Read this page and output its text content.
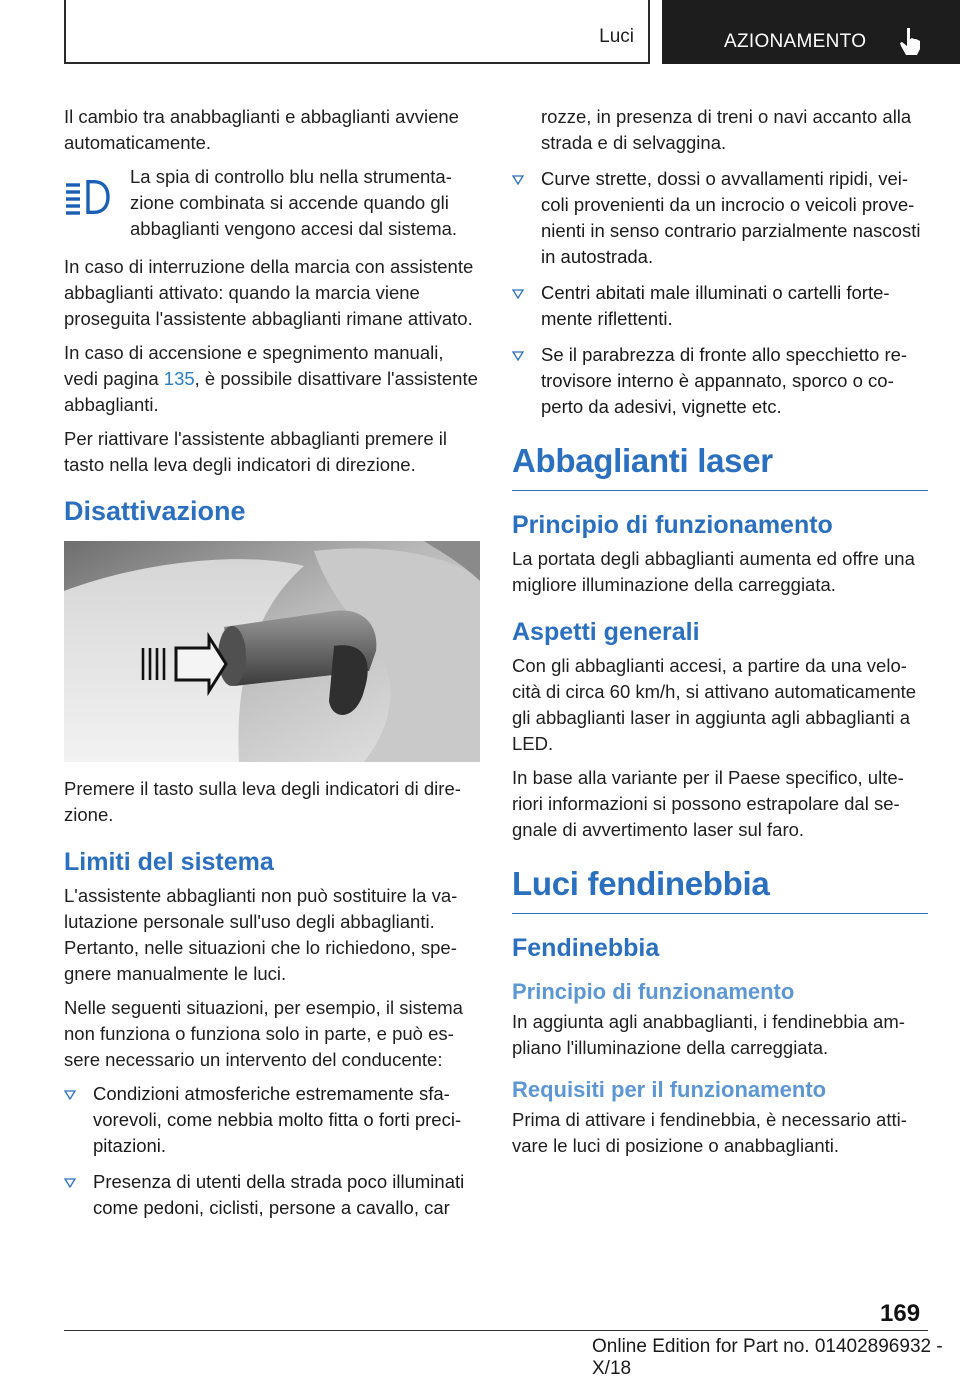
Luci	AZIONAMENTO

Il cambio tra anabbaglianti e abbaglianti avviene automaticamente.

La spia di controllo blu nella strumentazione combinata si accende quando gli abbaglianti vengono accesi dal sistema.

In caso di interruzione della marcia con assistente abbaglianti attivato: quando la marcia viene proseguita l'assistente abbaglianti rimane attivato.

In caso di accensione e spegnimento manuali, vedi pagina 135, è possibile disattivare l'assistente abbaglianti.

Per riattivare l'assistente abbaglianti premere il tasto nella leva degli indicatori di direzione.

Disattivazione

Premere il tasto sulla leva degli indicatori di direzione.

Limiti del sistema

L'assistente abbaglianti non può sostituire la valutazione personale sull'uso degli abbaglianti. Pertanto, nelle situazioni che lo richiedono, spegnere manualmente le luci.

Nelle seguenti situazioni, per esempio, il sistema non funziona o funziona solo in parte, e può essere necessario un intervento del conducente:

Condizioni atmosferiche estremamente sfavorevoli, come nebbia molto fitta o forti precipitazioni.
Presenza di utenti della strada poco illuminati come pedoni, ciclisti, persone a cavallo, car

rozze, in presenza di treni o navi accanto alla strada e di selvaggina.

Curve strette, dossi o avvallamenti ripidi, veicoli provenienti da un incrocio o veicoli provenienti in senso contrario parzialmente nascosti in autostrada.
Centri abitati male illuminati o cartelli fortemente riflettenti.
Se il parabrezza di fronte allo specchietto retrovisore interno è appannato, sporco o coperto da adesivi, vignette etc.
Abbaglianti laser
Principio di funzionamento

La portata degli abbaglianti aumenta ed offre una migliore illuminazione della carreggiata.

Aspetti generali

Con gli abbaglianti accesi, a partire da una velocità di circa 60 km/h, si attivano automaticamente gli abbaglianti laser in aggiunta agli abbaglianti a LED.

In base alla variante per il Paese specifico, ulteriori informazioni si possono estrapolare dal segnale di avvertimento laser sul faro.

Luci fendinebbia
Fendinebbia
Principio di funzionamento

In aggiunta agli anabbaglianti, i fendinebbia ampliano l'illuminazione della carreggiata.

Requisiti per il funzionamento

Prima di attivare i fendinebbia, è necessario attivare le luci di posizione o anabbaglianti.

169
Online Edition for Part no. 01402896932 - X/18
